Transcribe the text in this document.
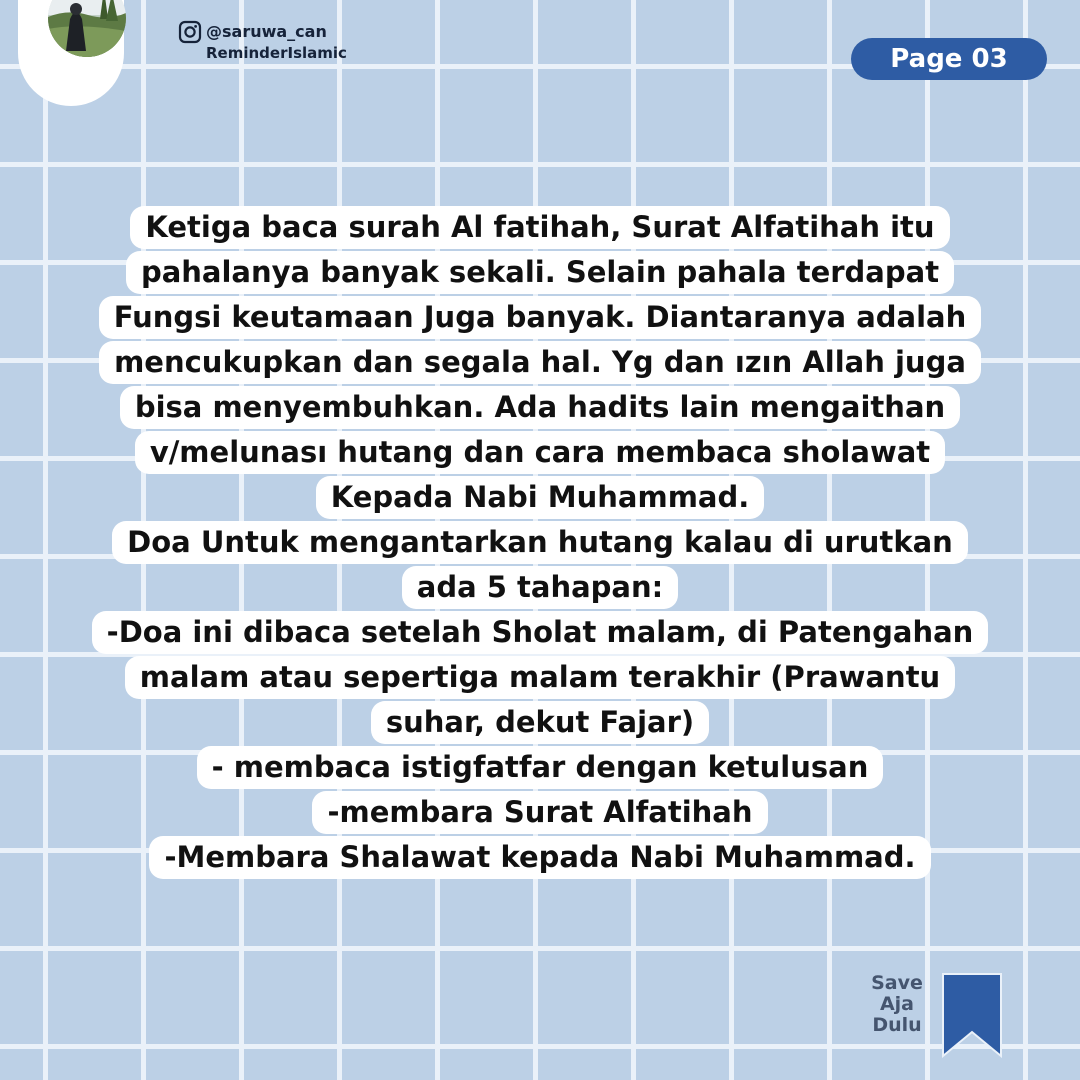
@saruwa_can
ReminderIslamic	Page 03
Ketiga baca surah Al fatihah, Surat Alfatihah itu
pahalanya banyak sekali. Selain pahala terdapat
Fungsi keutamaan Juga banyak. Diantaranya adalah
mencukupkan dan segala hal. Yg dan ızın Allah juga
bisa menyembuhkan. Ada hadits lain mengaithan
v/melunası hutang dan cara membaca sholawat
Kepada Nabi Muhammad.
Doa Untuk mengantarkan hutang kalau di urutkan
ada 5 tahapan:
-Doa ini dibaca setelah Sholat malam, di Patengahan
malam atau sepertiga malam terakhir (Prawantu
suhar, dekut Fajar)
- membaca istigfatfar dengan ketulusan
-membara Surat Alfatihah
-Membara Shalawat kepada Nabi Muhammad.
Save
Aja
Dulu
